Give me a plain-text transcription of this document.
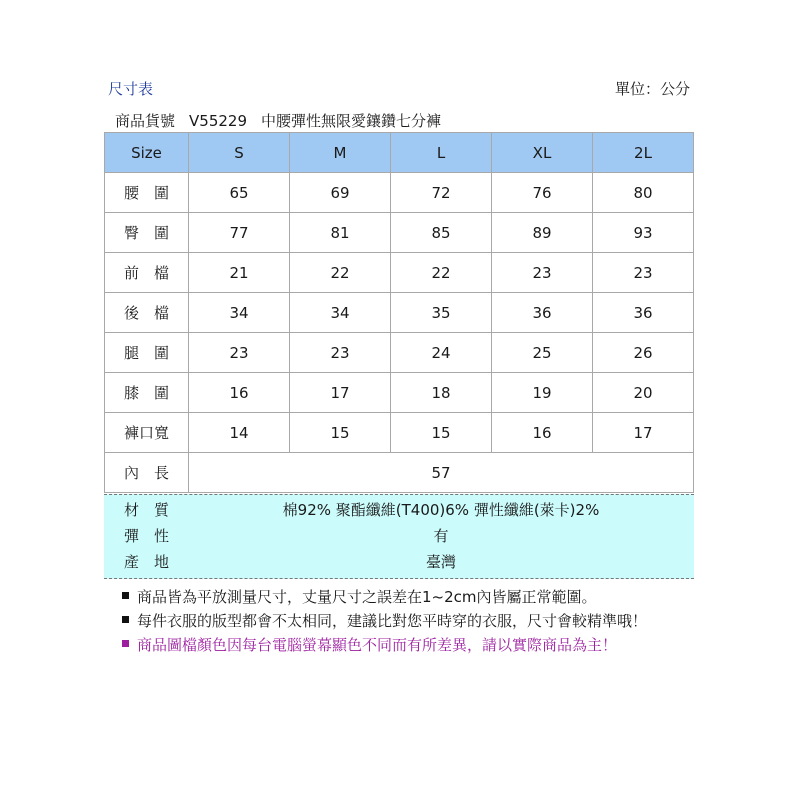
尺寸表	單位：公分
商品貨號 V55229 中腰彈性無限愛鑲鑽七分褲
Size	S	M	L	XL	2L
腰　圍	65	69	72	76	80
臀　圍	77	81	85	89	93
前　檔	21	22	22	23	23
後　檔	34	34	35	36	36
腿　圍	23	23	24	25	26
膝　圍	16	17	18	19	20
褲口寬	14	15	15	16	17
內　長	57				
材　質	棉92% 聚酯纖維(T400)6% 彈性纖維(萊卡)2%
彈　性	有
產　地	臺灣
商品皆為平放測量尺寸，丈量尺寸之誤差在1~2cm內皆屬正常範圍。
每件衣服的版型都會不太相同，建議比對您平時穿的衣服，尺寸會較精準哦！
商品圖檔顏色因每台電腦螢幕顯色不同而有所差異，請以實際商品為主！
